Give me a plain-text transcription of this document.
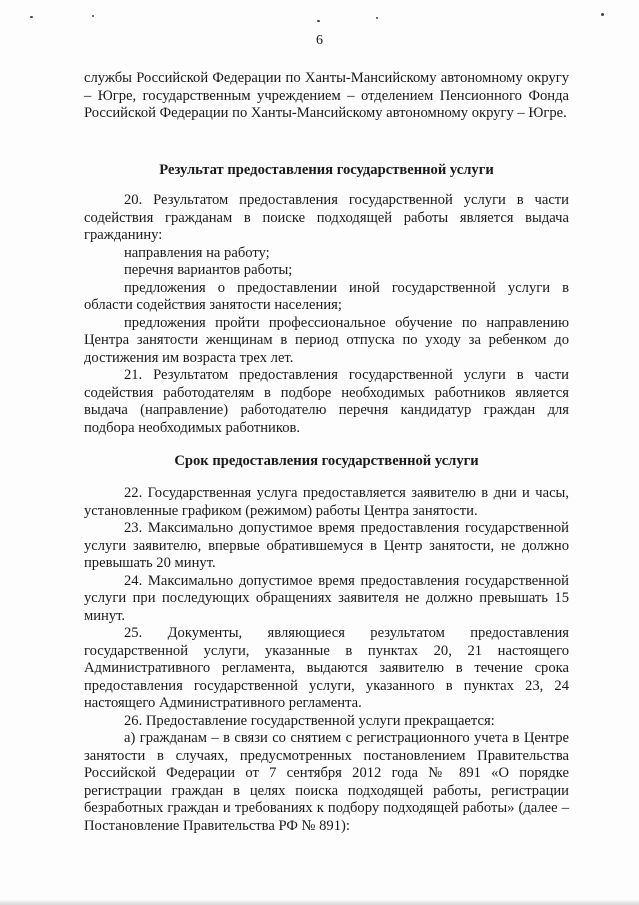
6

службы Российской Федерации по Ханты-Мансийскому автономному округу – Югре, государственным учреждением – отделением Пенсионного Фонда Российской Федерации по Ханты-Мансийскому автономному округу – Югре.

Результат предоставления государственной услуги

20. Результатом предоставления государственной услуги в части содействия гражданам в поиске подходящей работы является выдача гражданину:

направления на работу;

перечня вариантов работы;

предложения о предоставлении иной государственной услуги в области содействия занятости населения;

предложения пройти профессиональное обучение по направлению Центра занятости женщинам в период отпуска по уходу за ребенком до достижения им возраста трех лет.

21. Результатом предоставления государственной услуги в части содействия работодателям в подборе необходимых работников является выдача (направление) работодателю перечня кандидатур граждан для подбора необходимых работников.

Срок предоставления государственной услуги

22. Государственная услуга предоставляется заявителю в дни и часы, установленные графиком (режимом) работы Центра занятости.

23. Максимально допустимое время предоставления государственной услуги заявителю, впервые обратившемуся в Центр занятости, не должно превышать 20 минут.

24. Максимально допустимое время предоставления государственной услуги при последующих обращениях заявителя не должно превышать 15 минут.

25. Документы, являющиеся результатом предоставления государственной услуги, указанные в пунктах 20, 21 настоящего Административного регламента, выдаются заявителю в течение срока предоставления государственной услуги, указанного в пунктах 23, 24 настоящего Административного регламента.

26. Предоставление государственной услуги прекращается:

а) гражданам – в связи со снятием с регистрационного учета в Центре занятости в случаях, предусмотренных постановлением Правительства Российской Федерации от 7 сентября 2012 года № 891 «О порядке регистрации граждан в целях поиска подходящей работы, регистрации безработных граждан и требованиях к подбору подходящей работы» (далее – Постановление Правительства РФ № 891):
